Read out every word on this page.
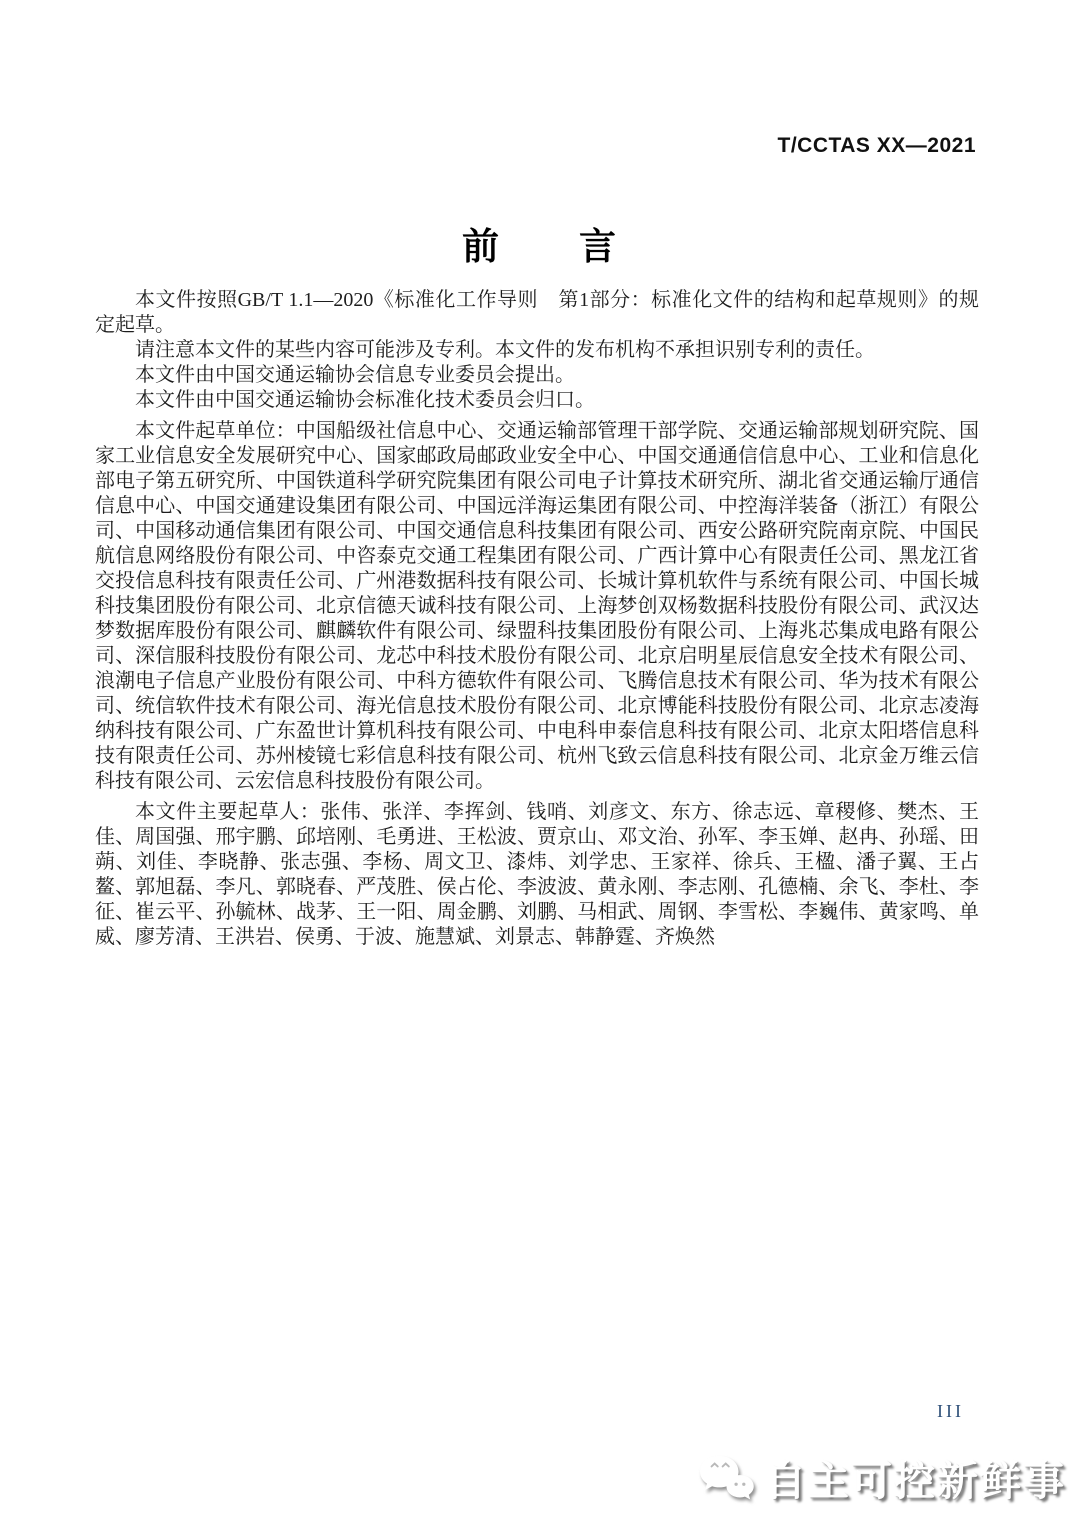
T/CCTAS XX—2021
前　　言

本文件按照GB/T 1.1—2020《标准化工作导则　第1部分：标准化文件的结构和起草规则》的规定起草。

请注意本文件的某些内容可能涉及专利。本文件的发布机构不承担识别专利的责任。

本文件由中国交通运输协会信息专业委员会提出。

本文件由中国交通运输协会标准化技术委员会归口。

本文件起草单位：中国船级社信息中心、交通运输部管理干部学院、交通运输部规划研究院、国家工业信息安全发展研究中心、国家邮政局邮政业安全中心、中国交通通信信息中心、工业和信息化部电子第五研究所、中国铁道科学研究院集团有限公司电子计算技术研究所、湖北省交通运输厅通信信息中心、中国交通建设集团有限公司、中国远洋海运集团有限公司、中控海洋装备（浙江）有限公司、中国移动通信集团有限公司、中国交通信息科技集团有限公司、西安公路研究院南京院、中国民航信息网络股份有限公司、中咨泰克交通工程集团有限公司、广西计算中心有限责任公司、黑龙江省交投信息科技有限责任公司、广州港数据科技有限公司、长城计算机软件与系统有限公司、中国长城科技集团股份有限公司、北京信德天诚科技有限公司、上海梦创双杨数据科技股份有限公司、武汉达梦数据库股份有限公司、麒麟软件有限公司、绿盟科技集团股份有限公司、上海兆芯集成电路有限公司、深信服科技股份有限公司、龙芯中科技术股份有限公司、北京启明星辰信息安全技术有限公司、浪潮电子信息产业股份有限公司、中科方德软件有限公司、飞腾信息技术有限公司、华为技术有限公司、统信软件技术有限公司、海光信息技术股份有限公司、北京博能科技股份有限公司、北京志凌海纳科技有限公司、广东盈世计算机科技有限公司、中电科申泰信息科技有限公司、北京太阳塔信息科技有限责任公司、苏州棱镜七彩信息科技有限公司、杭州飞致云信息科技有限公司、北京金万维云信科技有限公司、云宏信息科技股份有限公司。

本文件主要起草人：张伟、张洋、李挥剑、钱哨、刘彦文、东方、徐志远、章稷修、樊杰、王佳、周国强、邢宇鹏、邱培刚、毛勇进、王松波、贾京山、邓文治、孙军、李玉婵、赵冉、孙瑶、田蒴、刘佳、李晓静、张志强、李杨、周文卫、漆炜、刘学忠、王家祥、徐兵、王楹、潘子翼、王占鳌、郭旭磊、李凡、郭晓春、严茂胜、侯占伦、李波波、黄永刚、李志刚、孔德楠、余飞、李杜、李征、崔云平、孙毓林、战茅、王一阳、周金鹏、刘鹏、马相武、周钢、李雪松、李巍伟、黄家鸣、单威、廖芳清、王洪岩、侯勇、于波、施慧斌、刘景志、韩静霆、齐焕然

III
自主可控新鲜事
